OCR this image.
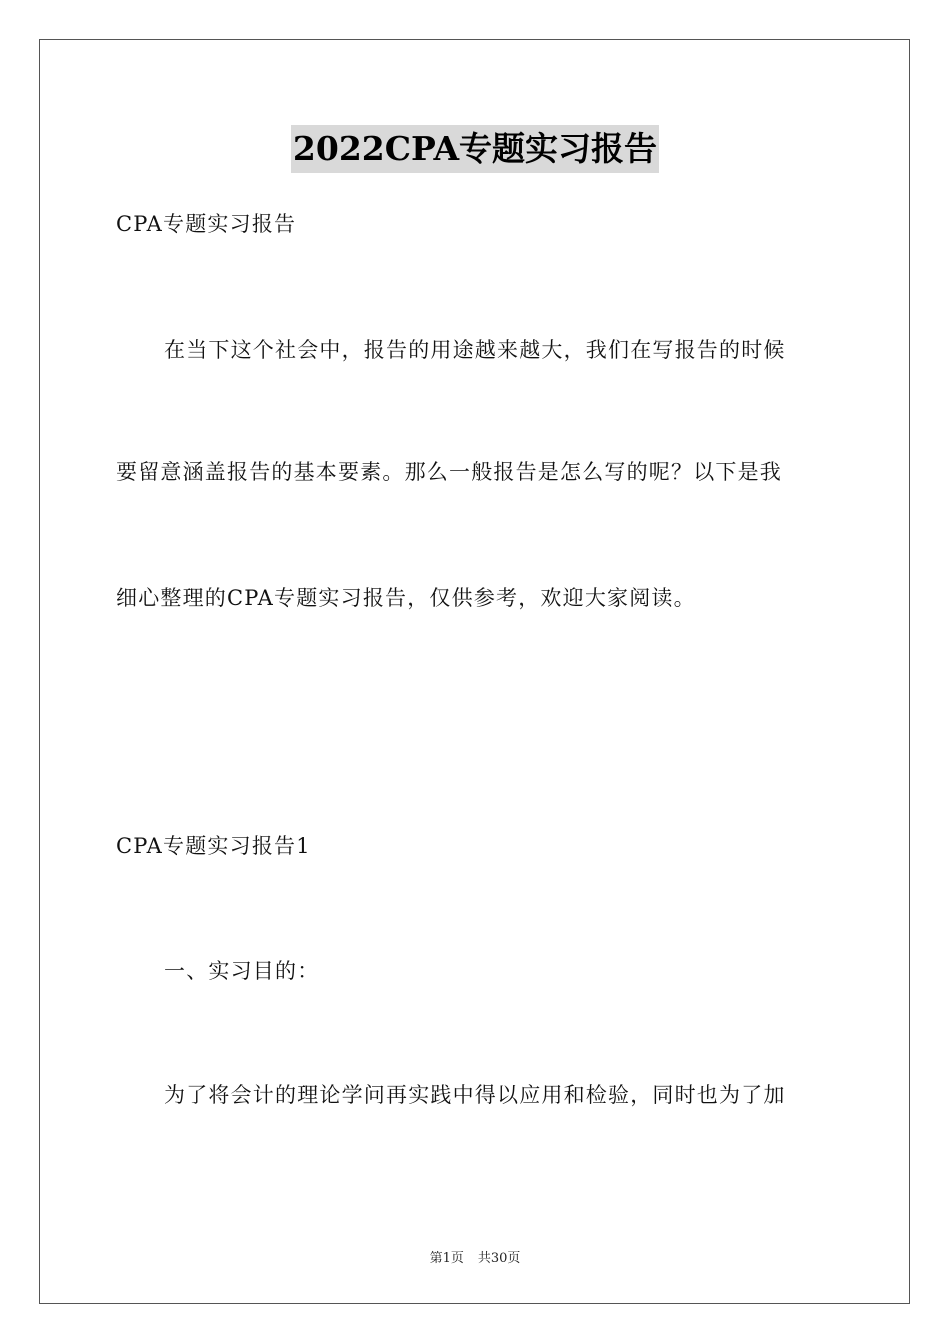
2022CPA专题实习报告
CPA专题实习报告
在当下这个社会中，报告的用途越来越大，我们在写报告的时候
要留意涵盖报告的基本要素。那么一般报告是怎么写的呢？以下是我
细心整理的CPA专题实习报告，仅供参考，欢迎大家阅读。
CPA专题实习报告1
一、实习目的：
为了将会计的理论学问再实践中得以应用和检验，同时也为了加
第1页 共30页
